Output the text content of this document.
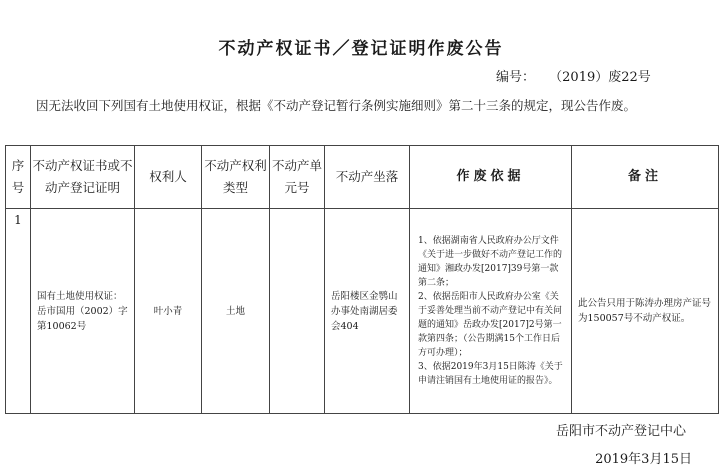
不动产权证书／登记证明作废公告
编号： （2019）废22号
因无法收回下列国有土地使用权证，根据《不动产登记暂行条例实施细则》第二十三条的规定，现公告作废。
序号	不动产权证书或不动产登记证明	权利人	不动产权利类型	不动产单元号	不动产坐落	作废依据	备注
1	国有土地使用权证：岳市国用（2002）字第10062号	叶小青	土地		岳阳楼区金鹗山办事处南湖居委会404	1、依据湖南省人民政府办公厅文件《关于进一步做好不动产登记工作的通知》湘政办发[2017]39号第一款第二条；
2、依据岳阳市人民政府办公室《关于妥善处理当前不动产登记中有关问题的通知》岳政办发[2017]2号第一款第四条；（公告期满15个工作日后方可办理）；
3、依据2019年3月15日陈涛《关于申请注销国有土地使用证的报告》。	此公告只用于陈涛办理房产证号为150057号不动产权证。
岳阳市不动产登记中心
2019年3月15日
